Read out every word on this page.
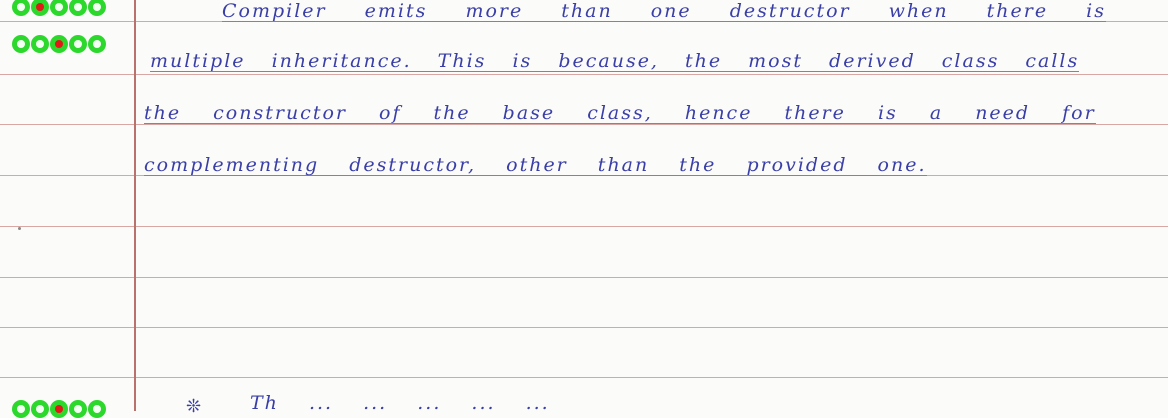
Compiler emits more than one destructor when there is
multiple inheritance. This is because, the most derived class calls
the constructor of the base class, hence there is a need for
complementing destructor, other than the provided one.
❊	Th ... ... ... ... ...
